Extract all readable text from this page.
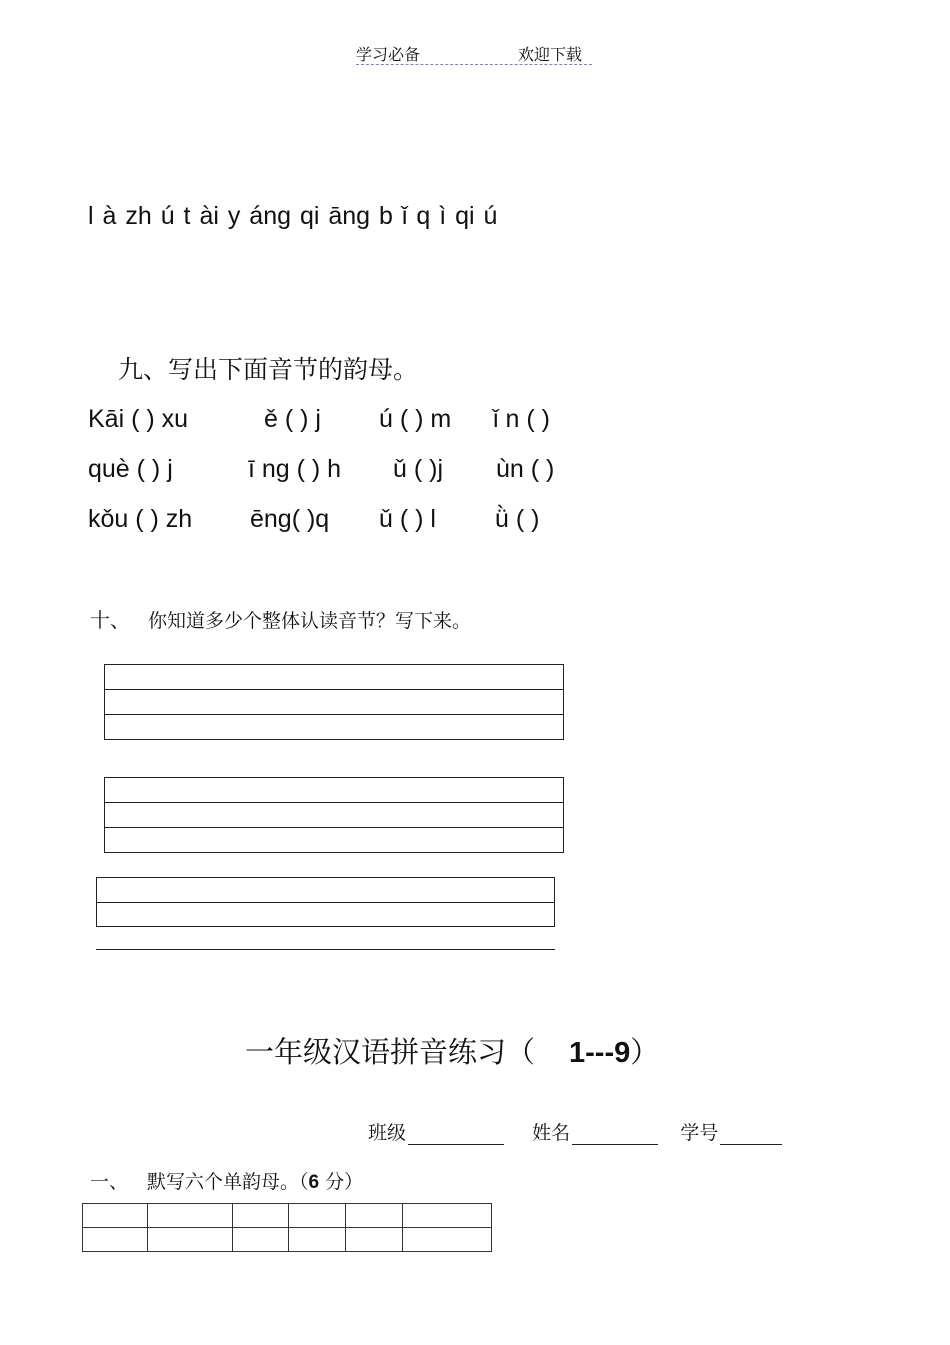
学习必备	欢迎下载
l à zh ú t ài y áng qi āng b ǐ q ì qi ú
九、写出下面音节的韵母。
Kāi ( ) xu	ě ( ) j ú ( ) m ǐ n ( )
què ( ) j	ī ng ( ) h ǔ ( )j ùn ( )
kǒu ( ) zh ēng( )q ǔ ( ) l ǜ ( )
十、 你知道多少个整体认读音节？写下来。
一年级汉语拼音练习（ 1---9）
班级	姓名	学号
一、 默写六个单韵母。（6 分）
